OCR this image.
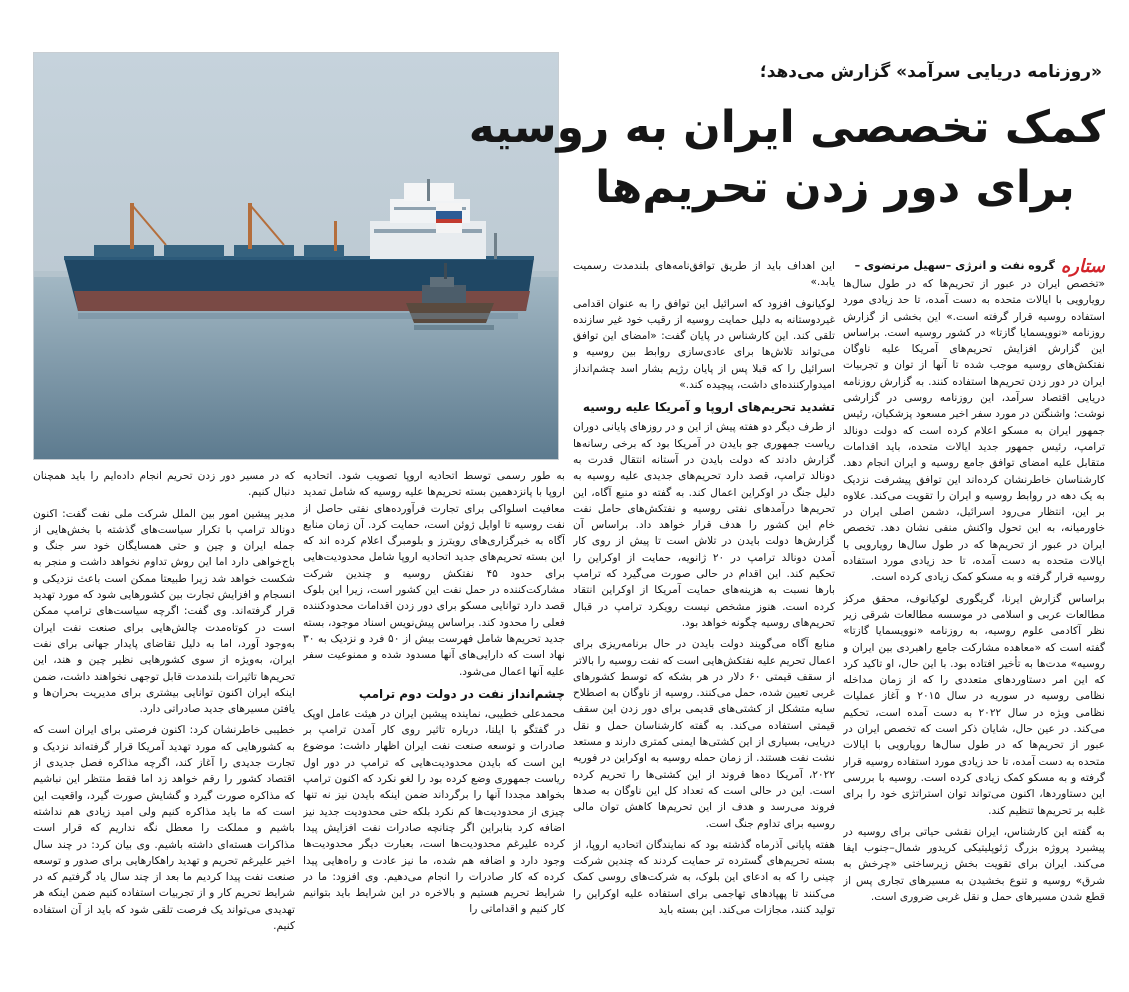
«روزنامه دریایی سرآمد» گزارش می‌دهد؛
کمک تخصصی ایران به روسیه
برای دور زدن تحریم‌ها
ستاره
گروه نفت و انرژی –سهیل مرتضوی –

«تخصص ایران در عبور از تحریم‌ها که در طول سال‌ها رویارویی با ایالات متحده به دست آمده، تا حد زیادی مورد استفاده روسیه قرار گرفته است.» این بخشی از گزارش روزنامه «نوویسمایا گازتا» در کشور روسیه است. براساس این گزارش افزایش تحریم‌های آمریکا علیه ناوگان نفتکش‌های روسیه موجب شده تا آنها از توان و تجربیات ایران در دور زدن تحریم‌ها استفاده کنند. به گزارش روزنامه دریایی اقتصاد سرآمد، این روزنامه روسی در گزارشی نوشت: واشنگتن در مورد سفر اخیر مسعود پزشکیان، رئیس جمهور ایران به مسکو اعلام کرده است که دولت دونالد ترامپ، رئیس جمهور جدید ایالات متحده، باید اقدامات متقابل علیه امضای توافق جامع روسیه و ایران انجام دهد. کارشناسان خاطرنشان کرده‌اند این توافق پیشرفت نزدیک به یک دهه در روابط روسیه و ایران را تقویت می‌کند. علاوه بر این، انتظار می‌رود اسرائیل، دشمن اصلی ایران در خاورمیانه، به این تحول واکنش منفی نشان دهد. تخصص ایران در عبور از تحریم‌ها که در طول سال‌ها رویارویی با ایالات متحده به دست آمده، تا حد زیادی مورد استفاده روسیه قرار گرفته و به مسکو کمک زیادی کرده است.

براساس گزارش ایرنا، گریگوری لوکیانوف، محقق مرکز مطالعات عربی و اسلامی در موسسه مطالعات شرقی زیر نظر آکادمی علوم روسیه، به روزنامه «نوویسمایا گازتا» گفته است که «معاهده مشارکت جامع راهبردی بین ایران و روسیه» مدت‌ها به تأخیر افتاده بود. با این حال، او تاکید کرد که این امر دستاوردهای متعددی را که از زمان مداخله نظامی روسیه در سوریه در سال ۲۰۱۵ و آغاز عملیات نظامی ویژه در سال ۲۰۲۲ به دست آمده است، تحکیم می‌کند. در عین حال، شایان ذکر است که تخصص ایران در عبور از تحریم‌ها که در طول سال‌ها رویارویی با ایالات متحده به دست آمده، تا حد زیادی مورد استفاده روسیه قرار گرفته و به مسکو کمک زیادی کرده است. روسیه با بررسی این دستاوردها، اکنون می‌تواند توان استراتژی خود را برای غلبه بر تحریم‌ها تنظیم کند.

به گفته این کارشناس، ایران نقشی حیاتی برای روسیه در پیشبرد پروژه بزرگ ژئوپلیتیکی کریدور شمال–جنوب ایفا می‌کند. ایران برای تقویت بخش زیرساختی «چرخش به شرق» روسیه و تنوع بخشیدن به مسیرهای تجاری پس از قطع شدن مسیرهای حمل و نقل غربی ضروری است.

این اهداف باید از طریق توافق‌نامه‌های بلندمدت رسمیت یابد.»

لوکیانوف افزود که اسرائیل این توافق را به عنوان اقدامی غیردوستانه به دلیل حمایت روسیه از رقیب خود غیر سازنده تلقی کند. این کارشناس در پایان گفت: «امضای این توافق می‌تواند تلاش‌ها برای عادی‌سازی روابط بین روسیه و اسرائیل را که قبلا پس از پایان رژیم بشار اسد چشم‌انداز امیدوارکننده‌ای داشت، پیچیده کند.»

تشدید تحریم‌های اروپا و آمریکا علیه روسیه

از طرف دیگر دو هفته پیش از این و در روزهای پایانی دوران ریاست جمهوری جو بایدن در آمریکا بود که برخی رسانه‌ها گزارش دادند که دولت بایدن در آستانه انتقال قدرت به دونالد ترامپ، قصد دارد تحریم‌های جدیدی علیه روسیه به دلیل جنگ در اوکراین اعمال کند. به گفته دو منبع آگاه، این تحریم‌ها درآمدهای نفتی روسیه و نفتکش‌های حامل نفت خام این کشور را هدف قرار خواهد داد. براساس آن گزارش‌ها دولت بایدن در تلاش است تا پیش از روی کار آمدن دونالد ترامپ در ۲۰ ژانویه، حمایت از اوکراین را تحکیم کند. این اقدام در حالی صورت می‌گیرد که ترامپ بارها نسبت به هزینه‌های حمایت آمریکا از اوکراین انتقاد کرده است. هنوز مشخص نیست رویکرد ترامپ در قبال تحریم‌های روسیه چگونه خواهد بود.

منابع آگاه می‌گویند دولت بایدن در حال برنامه‌ریزی برای اعمال تحریم علیه نفتکش‌هایی است که نفت روسیه را بالاتر از سقف قیمتی ۶۰ دلار در هر بشکه که توسط کشورهای غربی تعیین شده، حمل می‌کنند. روسیه از ناوگان به اصطلاح سایه متشکل از کشتی‌های قدیمی برای دور زدن این سقف قیمتی استفاده می‌کند. به گفته کارشناسان حمل و نقل دریایی، بسیاری از این کشتی‌ها ایمنی کمتری دارند و مستعد نشت نفت هستند. از زمان حمله روسیه به اوکراین در فوریه ۲۰۲۲، آمریکا ده‌ها فروند از این کشتی‌ها را تحریم کرده است. این در حالی است که تعداد کل این ناوگان به صدها فروند می‌رسد و هدف از این تحریم‌ها کاهش توان مالی روسیه برای تداوم جنگ است.

هفته پایانی آذرماه گذشته بود که نمایندگان اتحادیه اروپا، از بسته تحریم‌های گسترده تر حمایت کردند که چندین شرکت چینی را که به ادعای این بلوک، به شرکت‌های روسی کمک می‌کنند تا پهپادهای تهاجمی برای استفاده علیه اوکراین را تولید کنند، مجازات می‌کند. این بسته باید

به طور رسمی توسط اتحادیه اروپا تصویب شود. اتحادیه اروپا با پانزدهمین بسته تحریم‌ها علیه روسیه که شامل تمدید معافیت اسلواکی برای تجارت فرآورده‌های نفتی حاصل از نفت روسیه تا اوایل ژوئن است، حمایت کرد. آن زمان منابع آگاه به خبرگزاری‌های رویترز و بلومبرگ اعلام کرده اند که این بسته تحریم‌های جدید اتحادیه اروپا شامل محدودیت‌هایی برای حدود ۴۵ نفتکش روسیه و چندین شرکت مشارکت‌کننده در حمل نفت این کشور است، زیرا این بلوک قصد دارد توانایی مسکو برای دور زدن اقدامات محدودکننده فعلی را محدود کند. براساس پیش‌نویس اسناد موجود، بسته جدید تحریم‌ها شامل فهرست بیش از ۵۰ فرد و نزدیک به ۳۰ نهاد است که دارایی‌های آنها مسدود شده و ممنوعیت سفر علیه آنها اعمال می‌شود.

چشم‌انداز نفت در دولت دوم ترامپ

محمدعلی خطیبی، نماینده پیشین ایران در هیئت عامل اوپک در گفتگو با ایلنا، درباره تاثیر روی کار آمدن ترامپ بر صادرات و توسعه صنعت نفت ایران اظهار داشت: موضوع این است که بایدن محدودیت‌هایی که ترامپ در دور اول ریاست جمهوری وضع کرده بود را لغو نکرد که اکنون ترامپ بخواهد مجددا آنها را برگرداند ضمن اینکه بایدن نیز نه تنها چیزی از محدودیت‌ها کم نکرد بلکه حتی محدودیت جدید نیز اضافه کرد بنابراین اگر چنانچه صادرات نفت افزایش پیدا کرده علیرغم محدودیت‌ها است، بعبارت دیگر محدودیت‌ها وجود دارد و اضافه هم شده، ما نیز عادت و راه‌هایی پیدا کرده که کار صادرات را انجام می‌دهیم. وی افزود: ما در شرایط تحریم هستیم و بالاخره در این شرایط باید بتوانیم کار کنیم و اقداماتی را

که در مسیر دور زدن تحریم انجام داده‌ایم را باید همچنان دنبال کنیم.

مدیر پیشین امور بین الملل شرکت ملی نفت گفت: اکنون دونالد ترامپ با تکرار سیاست‌های گذشته با بخش‌هایی از جمله ایران و چین و حتی همسایگان خود سر جنگ و باج‌خواهی دارد اما این روش تداوم نخواهد داشت و منجر به شکست خواهد شد زیرا طبیعتا ممکن است باعث نزدیکی و انسجام و افزایش تجارت بین کشورهایی شود که مورد تهدید قرار گرفته‌اند. وی گفت: اگرچه سیاست‌های ترامپ ممکن است در کوتاه‌مدت چالش‌هایی برای صنعت نفت ایران به‌وجود آورد، اما به دلیل تقاضای پایدار جهانی برای نفت ایران، به‌ویژه از سوی کشورهایی نظیر چین و هند، این تحریم‌ها تاثیرات بلندمدت قابل توجهی نخواهند داشت، ضمن اینکه ایران اکنون توانایی بیشتری برای مدیریت بحران‌ها و یافتن مسیرهای جدید صادراتی دارد.

خطیبی خاطرنشان کرد: اکنون فرصتی برای ایران است که به کشورهایی که مورد تهدید آمریکا قرار گرفته‌اند نزدیک و تجارت جدیدی را آغاز کند، اگرچه مذاکره فصل جدیدی از اقتصاد کشور را رقم خواهد زد اما فقط منتظر این نباشیم که مذاکره صورت گیرد و گشایش صورت گیرد، واقعیت این است که ما باید مذاکره کنیم ولی امید زیادی هم نداشته باشیم و مملکت را معطل نگه نداریم که قرار است مذاکرات هسته‌ای داشته باشیم. وی بیان کرد: در چند سال اخیر علیرغم تحریم و تهدید راهکارهایی برای صدور و توسعه صنعت نفت پیدا کردیم ما بعد از چند سال یاد گرفتیم که در شرایط تحریم کار و از تجربیات استفاده کنیم ضمن اینکه هر تهدیدی می‌تواند یک فرصت تلقی شود که باید از آن استفاده کنیم.
